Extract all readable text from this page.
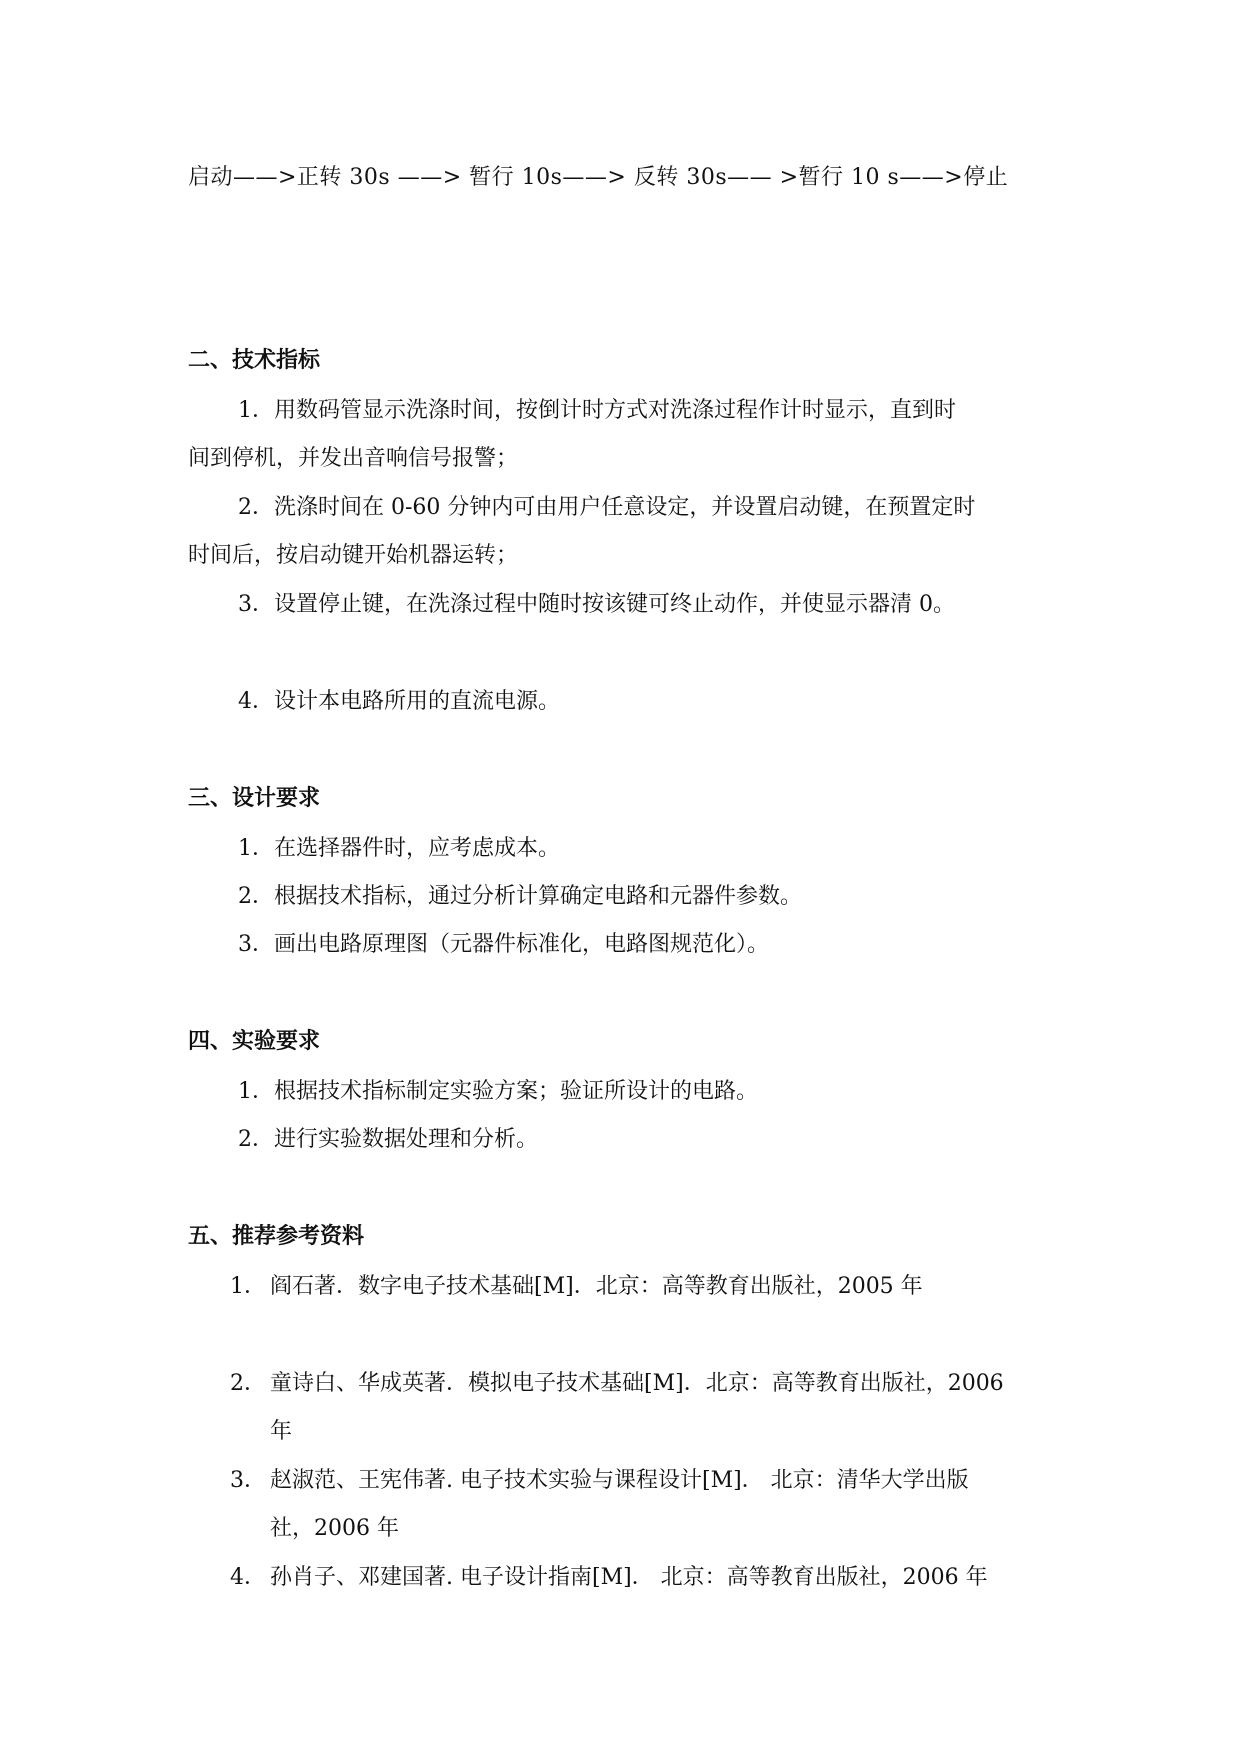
启动——>正转 30s ——> 暂行 10s——> 反转 30s—— >暂行 10 s——>停止
二、技术指标
1．用数码管显示洗涤时间，按倒计时方式对洗涤过程作计时显示，直到时
间到停机，并发出音响信号报警；
2．洗涤时间在 0-60 分钟内可由用户任意设定，并设置启动键，在预置定时
时间后，按启动键开始机器运转；
3．设置停止键，在洗涤过程中随时按该键可终止动作，并使显示器清 0。
4．设计本电路所用的直流电源。
三、设计要求
1．在选择器件时，应考虑成本。
2．根据技术指标，通过分析计算确定电路和元器件参数。
3．画出电路原理图（元器件标准化，电路图规范化）。
四、实验要求
1．根据技术指标制定实验方案；验证所设计的电路。
2．进行实验数据处理和分析。
五、推荐参考资料
1． 阎石著．数字电子技术基础[M]．北京：高等教育出版社，2005 年
2． 童诗白、华成英著．模拟电子技术基础[M]．北京：高等教育出版社，2006
年
3． 赵淑范、王宪伟著. 电子技术实验与课程设计[M]． 北京：清华大学出版
社，2006 年
4． 孙肖子、邓建国著. 电子设计指南[M]． 北京：高等教育出版社，2006 年
